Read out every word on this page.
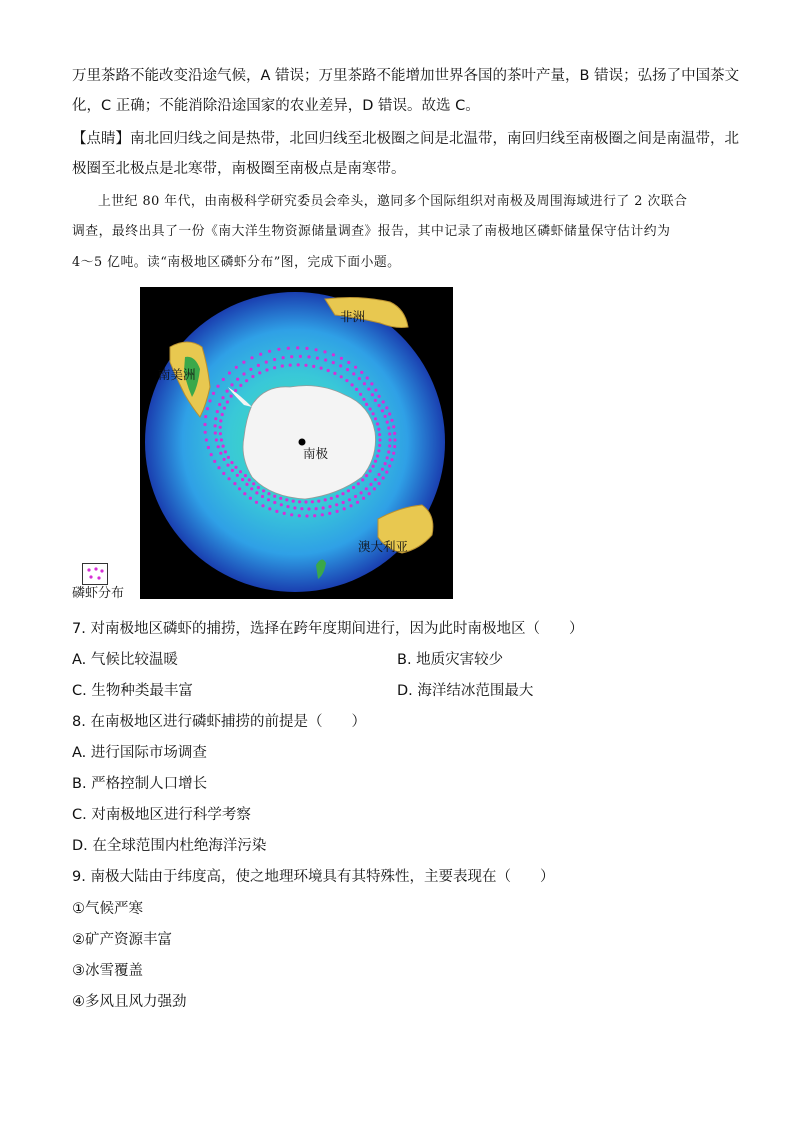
万里茶路不能改变沿途气候，A 错误；万里茶路不能增加世界各国的茶叶产量，B 错误；弘扬了中国茶文
化，C 正确；不能消除沿途国家的农业差异，D 错误。故选 C。
【点睛】南北回归线之间是热带，北回归线至北极圈之间是北温带，南回归线至南极圈之间是南温带，北
极圈至北极点是北寒带，南极圈至南极点是南寒带。
上世纪 80 年代，由南极科学研究委员会牵头，邀同多个国际组织对南极及周围海域进行了 2 次联合
调查，最终出具了一份《南大洋生物资源储量调查》报告，其中记录了南极地区磷虾储量保守估计约为
4～5 亿吨。读“南极地区磷虾分布”图，完成下面小题。
非洲
南美洲
南极
澳大利亚
磷虾分布
7. 对南极地区磷虾的捕捞，选择在跨年度期间进行，因为此时南极地区（　　）
A. 气候比较温暖	B. 地质灾害较少
C. 生物种类最丰富	D. 海洋结冰范围最大
8. 在南极地区进行磷虾捕捞的前提是（　　）
A. 进行国际市场调查
B. 严格控制人口增长
C. 对南极地区进行科学考察
D. 在全球范围内杜绝海洋污染
9. 南极大陆由于纬度高，使之地理环境具有其特殊性，主要表现在（　　）
①气候严寒
②矿产资源丰富
③冰雪覆盖
④多风且风力强劲
